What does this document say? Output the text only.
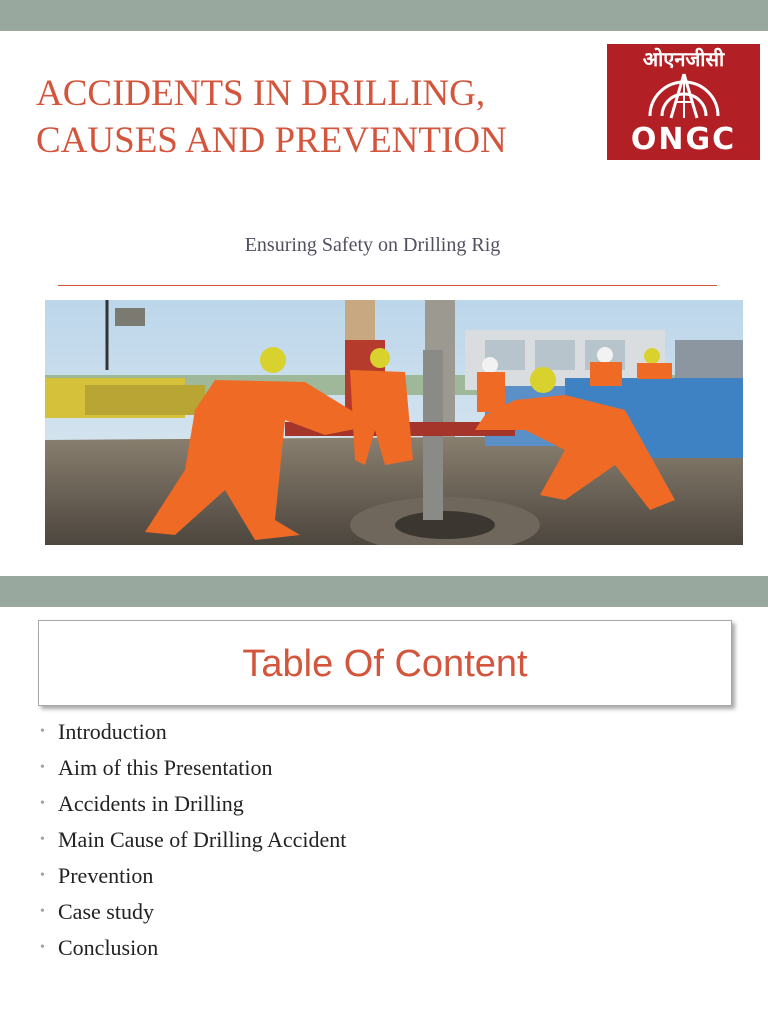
ACCIDENTS IN DRILLING,
CAUSES AND PREVENTION
ओएनजीसी
ONGC
Ensuring Safety on Drilling Rig
Table Of Content
• Introduction
• Aim of this Presentation
• Accidents in Drilling
• Main Cause of Drilling Accident
• Prevention
• Case study
• Conclusion
